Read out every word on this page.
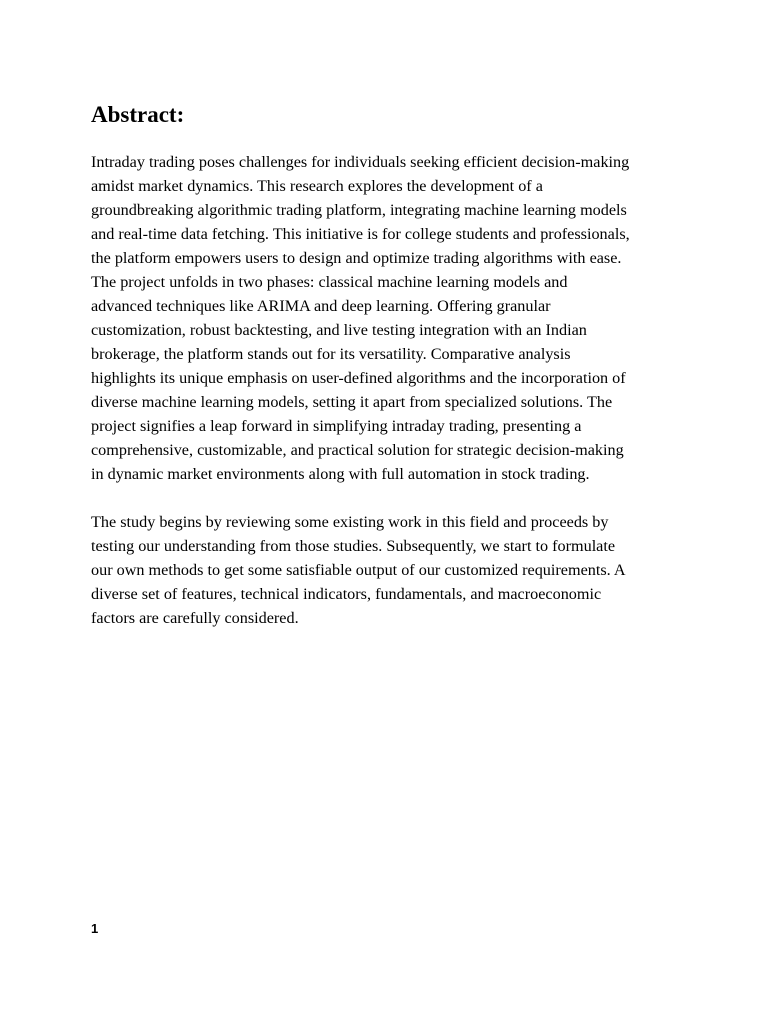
Abstract:

Intraday trading poses challenges for individuals seeking efficient decision-making
amidst market dynamics. This research explores the development of a
groundbreaking algorithmic trading platform, integrating machine learning models
and real-time data fetching. This initiative is for college students and professionals,
the platform empowers users to design and optimize trading algorithms with ease.
The project unfolds in two phases: classical machine learning models and
advanced techniques like ARIMA and deep learning. Offering granular
customization, robust backtesting, and live testing integration with an Indian
brokerage, the platform stands out for its versatility. Comparative analysis
highlights its unique emphasis on user-defined algorithms and the incorporation of
diverse machine learning models, setting it apart from specialized solutions. The
project signifies a leap forward in simplifying intraday trading, presenting a
comprehensive, customizable, and practical solution for strategic decision-making
in dynamic market environments along with full automation in stock trading.

The study begins by reviewing some existing work in this field and proceeds by
testing our understanding from those studies. Subsequently, we start to formulate
our own methods to get some satisfiable output of our customized requirements. A
diverse set of features, technical indicators, fundamentals, and macroeconomic
factors are carefully considered.

1
